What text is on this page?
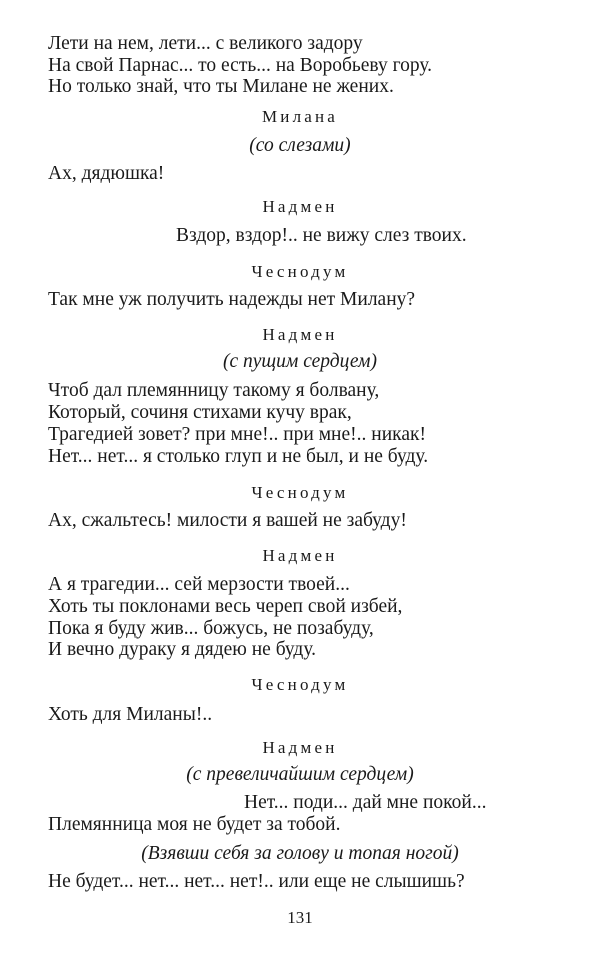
Лети на нем, лети... с великого задору
На свой Парнас... то есть... на Воробьеву гору.
Но только знай, что ты Милане не жених.
Милана
(со слезами)
Ах, дядюшка!
Надмен
Вздор, вздор!.. не вижу слез твоих.
Чеснодум
Так мне уж получить надежды нет Милану?
Надмен
(с пущим сердцем)
Чтоб дал племянницу такому я болвану,
Который, сочиня стихами кучу врак,
Трагедией зовет? при мне!.. при мне!.. никак!
Нет... нет... я столько глуп и не был, и не буду.
Чеснодум
Ах, сжальтесь! милости я вашей не забуду!
Надмен
А я трагедии... сей мерзости твоей...
Хоть ты поклонами весь череп свой избей,
Пока я буду жив... божусь, не позабуду,
И вечно дураку я дядею не буду.
Чеснодум
Хоть для Миланы!..
Надмен
(с превеличайшим сердцем)
Нет... поди... дай мне покой...
Племянница моя не будет за тобой.
(Взявши себя за голову и топая ногой)
Не будет... нет... нет... нет!.. или еще не слышишь?
131
